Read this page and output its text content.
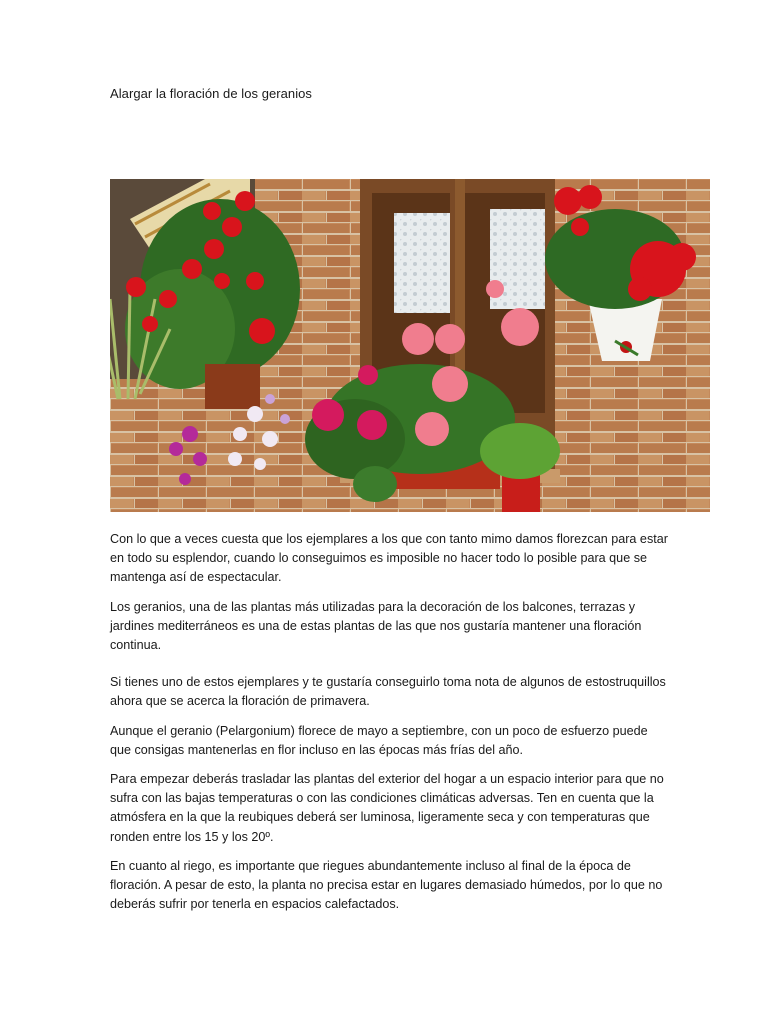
Alargar la floración de los geranios

Con lo que a veces cuesta que los ejemplares a los que con tanto mimo damos florezcan para estar en todo su esplendor, cuando lo conseguimos es imposible no hacer todo lo posible para que se mantenga así de espectacular.

Los geranios, una de las plantas más utilizadas para la decoración de los balcones, terrazas y jardines mediterráneos es una de estas plantas de las que nos gustaría mantener una floración continua.

Si tienes uno de estos ejemplares y te gustaría conseguirlo toma nota de algunos de estostruquillos ahora que se acerca la floración de primavera.

Aunque el geranio (Pelargonium) florece de mayo a septiembre, con un poco de esfuerzo puede que consigas mantenerlas en flor incluso en las épocas más frías del año.

Para empezar deberás trasladar las plantas del exterior del hogar a un espacio interior para que no sufra con las bajas temperaturas o con las condiciones climáticas adversas. Ten en cuenta que la atmósfera en la que la reubiques deberá ser luminosa, ligeramente seca y con temperaturas que ronden entre los 15 y los 20º.

En cuanto al riego, es importante que riegues abundantemente incluso al final de la época de floración. A pesar de esto, la planta no precisa estar en lugares demasiado húmedos, por lo que no deberás sufrir por tenerla en espacios calefactados.
